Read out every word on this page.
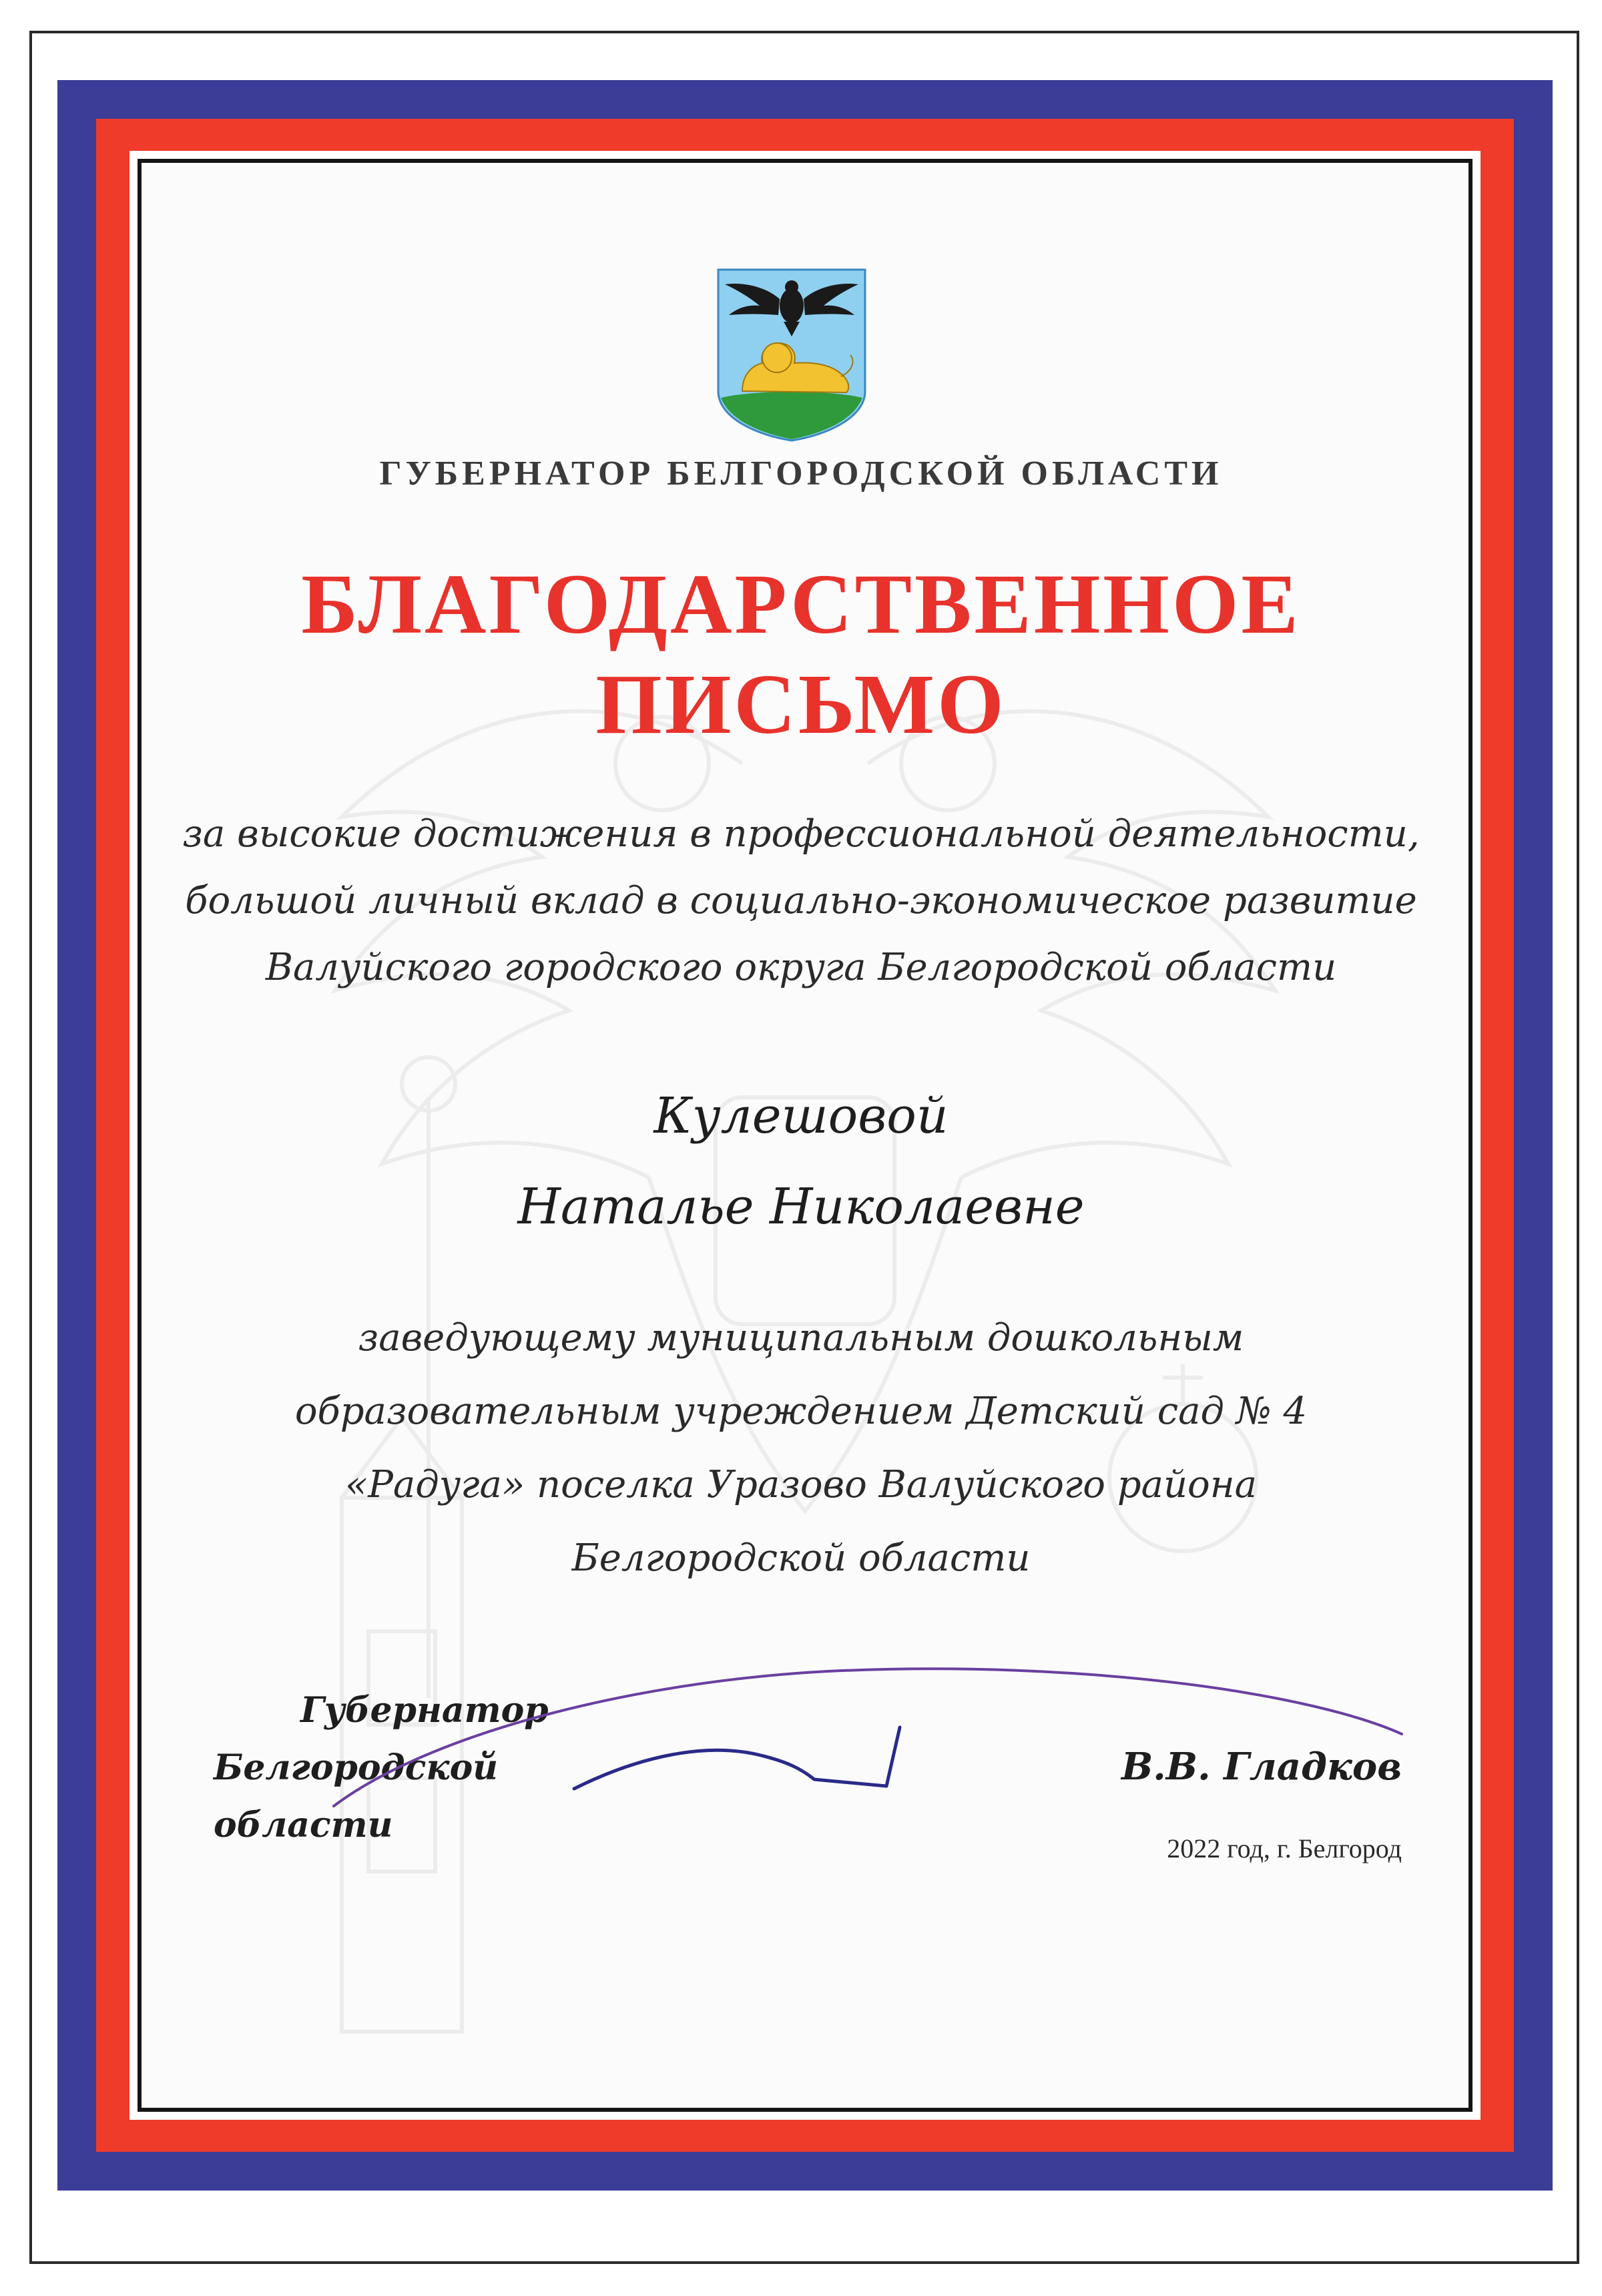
ГУБЕРНАТОР БЕЛГОРОДСКОЙ ОБЛАСТИ
БЛАГОДАРСТВЕННОЕ
ПИСЬМО
за высокие достижения в профессиональной деятельности,
большой личный вклад в социально-экономическое развитие
Валуйского городского округа Белгородской области
Кулешовой
Наталье Николаевне
заведующему муниципальным дошкольным
образовательным учреждением Детский сад № 4
«Радуга» поселка Уразово Валуйского района
Белгородской области
Губернатор
Белгородской области
В.В. Гладков
2022 год, г. Белгород
